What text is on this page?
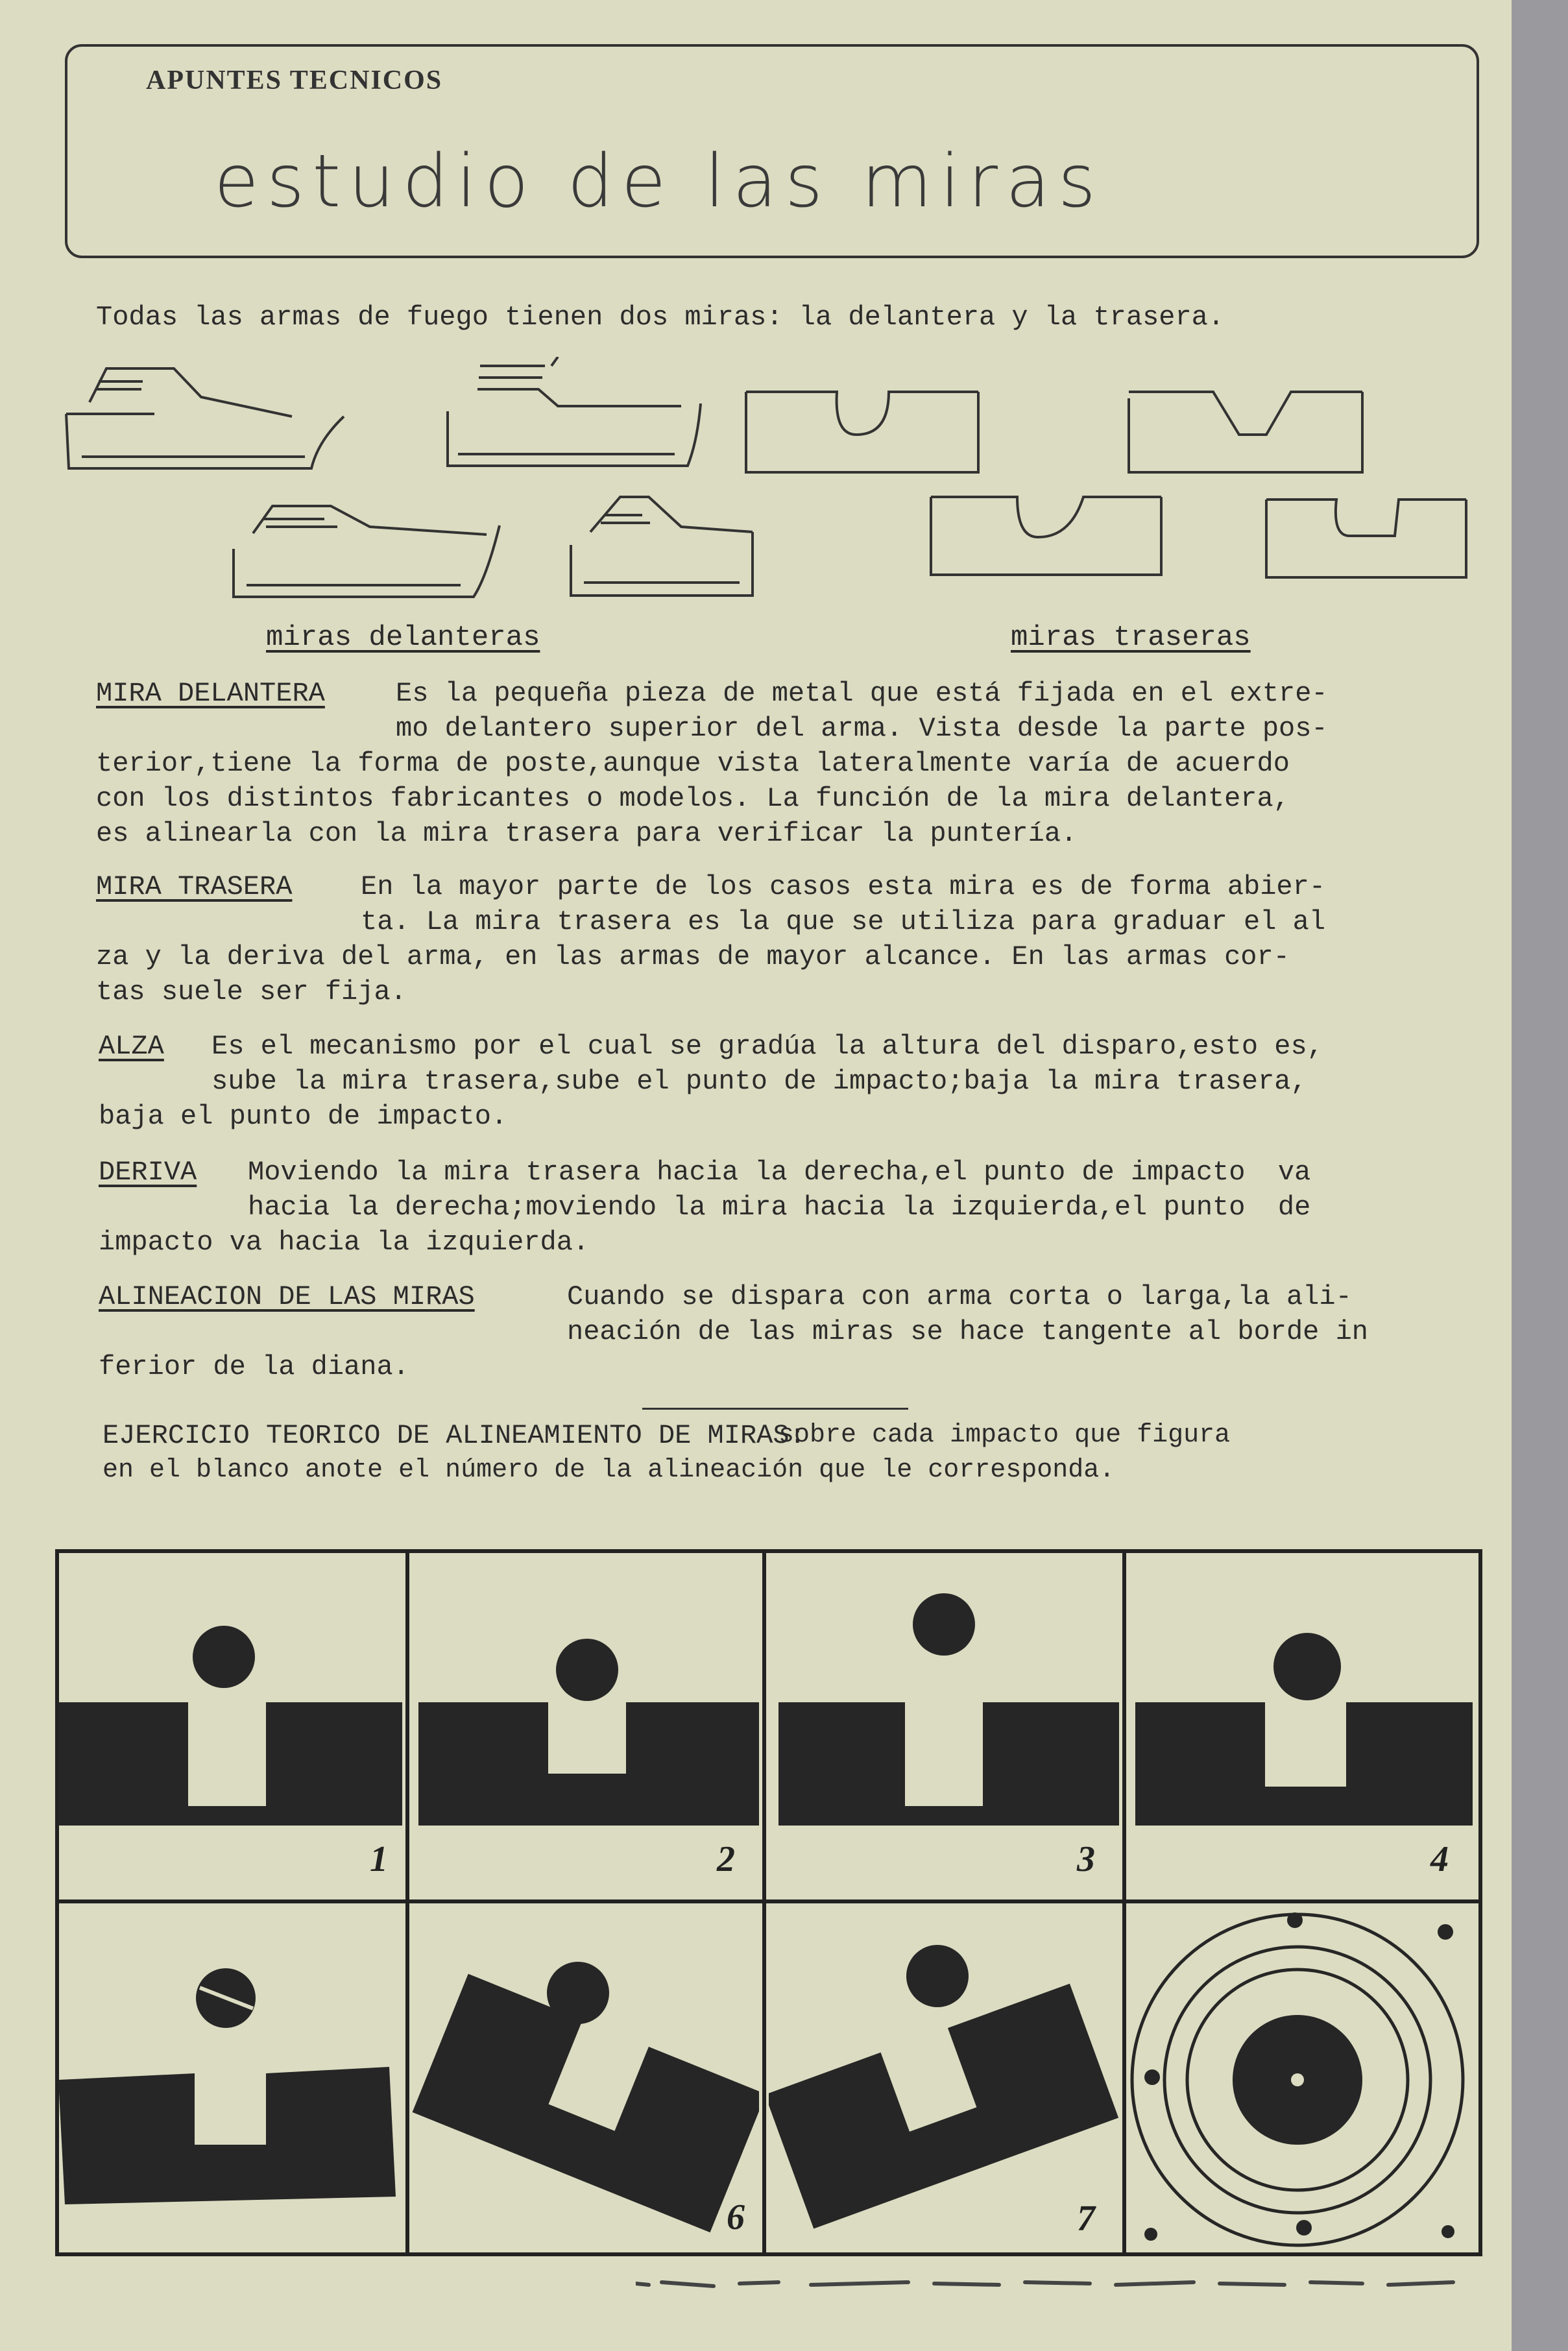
APUNTES TECNICOS
estudio de las miras
Todas las armas de fuego tienen dos miras: la delantera y la trasera.
miras delanteras	miras traseras
MIRA DELANTERA	Es la pequeña pieza de metal que está fijada en el extre-
mo delantero superior del arma. Vista desde la parte pos-
terior,tiene la forma de poste,aunque vista lateralmente varía de acuerdo
con los distintos fabricantes o modelos. La función de la mira delantera,
es alinearla con la mira trasera para verificar la puntería.
MIRA TRASERA	En la mayor parte de los casos esta mira es de forma abier-
ta. La mira trasera es la que se utiliza para graduar el al
za y la deriva del arma, en las armas de mayor alcance. En las armas cor-
tas suele ser fija.
ALZA Es el mecanismo por el cual se gradúa la altura del disparo,esto es,
sube la mira trasera,sube el punto de impacto;baja la mira trasera,
baja el punto de impacto.
DERIVA Moviendo la mira trasera hacia la derecha,el punto de impacto  va
hacia la derecha;moviendo la mira hacia la izquierda,el punto  de
impacto va hacia la izquierda.
ALINEACION DE LAS MIRAS	Cuando se dispara con arma corta o larga,la ali-
neación de las miras se hace tangente al borde in
ferior de la diana.
EJERCICIO TEORICO DE ALINEAMIENTO DE MIRAS:
sobre cada impacto que figura
en el blanco anote el número de la alineación que le corresponda.
1	2	3	4
6	7
